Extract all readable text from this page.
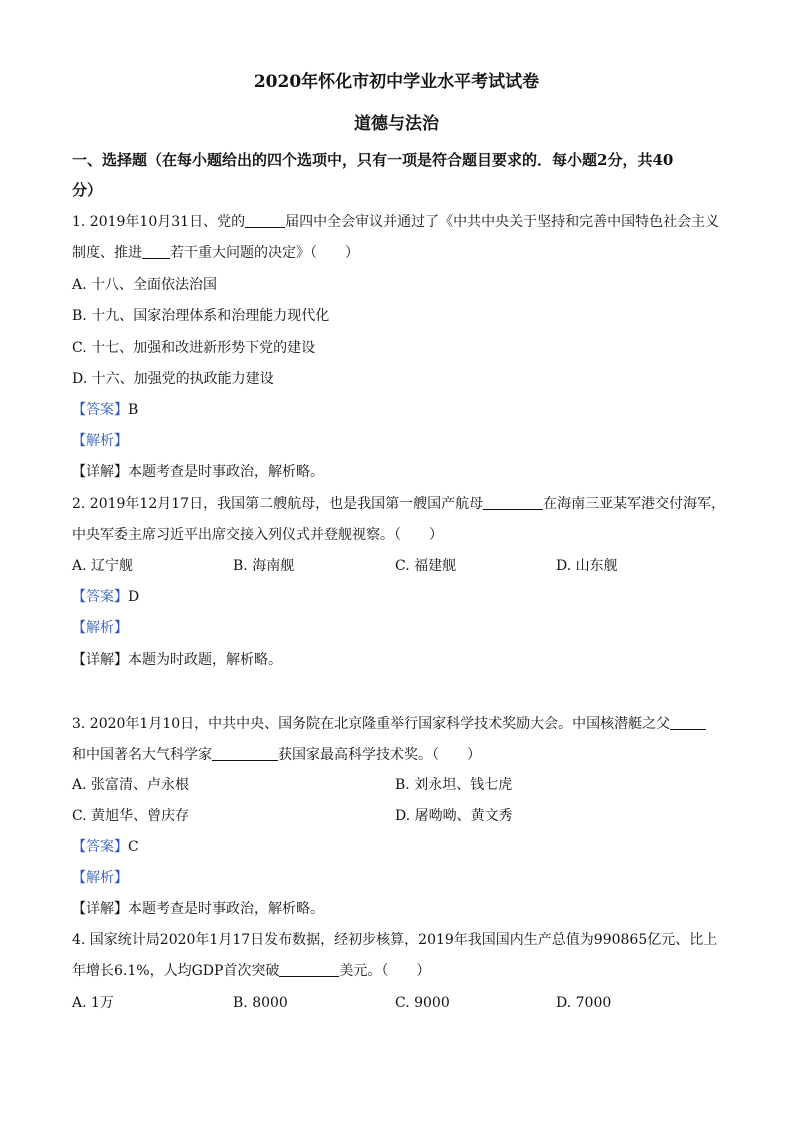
2020年怀化市初中学业水平考试试卷
道德与法治
一、选择题（在每小题给出的四个选项中，只有一项是符合题目要求的．每小题2分，共40
分）
1. 2019年10月31日、党的	届四中全会审议并通过了《中共中央关于坚持和完善中国特色社会主义
制度、推进 若干重大问题的决定》（　　）
A. 十八、全面依法治国
B. 十九、国家治理体系和治理能力现代化
C. 十七、加强和改进新形势下党的建设
D. 十六、加强党的执政能力建设
【答案】B
【解析】
【详解】本题考查是时事政治，解析略。
2. 2019年12月17日，我国第二艘航母，也是我国第一艘国产航母	在海南三亚某军港交付海军，
中央军委主席习近平出席交接入列仪式并登舰视察。（　　）
A. 辽宁舰	B. 海南舰	C. 福建舰	D. 山东舰
【答案】D
【解析】
【详解】本题为时政题，解析略。
3. 2020年1月10日，中共中央、国务院在北京隆重举行国家科学技术奖励大会。中国核潜艇之父
和中国著名大气科学家	获国家最高科学技术奖。（　　）
A. 张富清、卢永根	B. 刘永坦、钱七虎
C. 黄旭华、曾庆存	D. 屠呦呦、黄文秀
【答案】C
【解析】
【详解】本题考查是时事政治，解析略。
4. 国家统计局2020年1月17日发布数据，经初步核算，2019年我国国内生产总值为990865亿元、比上
年增长6.1%，人均GDP首次突破	美元。（　　）
A. 1万	B. 8000	C. 9000	D. 7000
